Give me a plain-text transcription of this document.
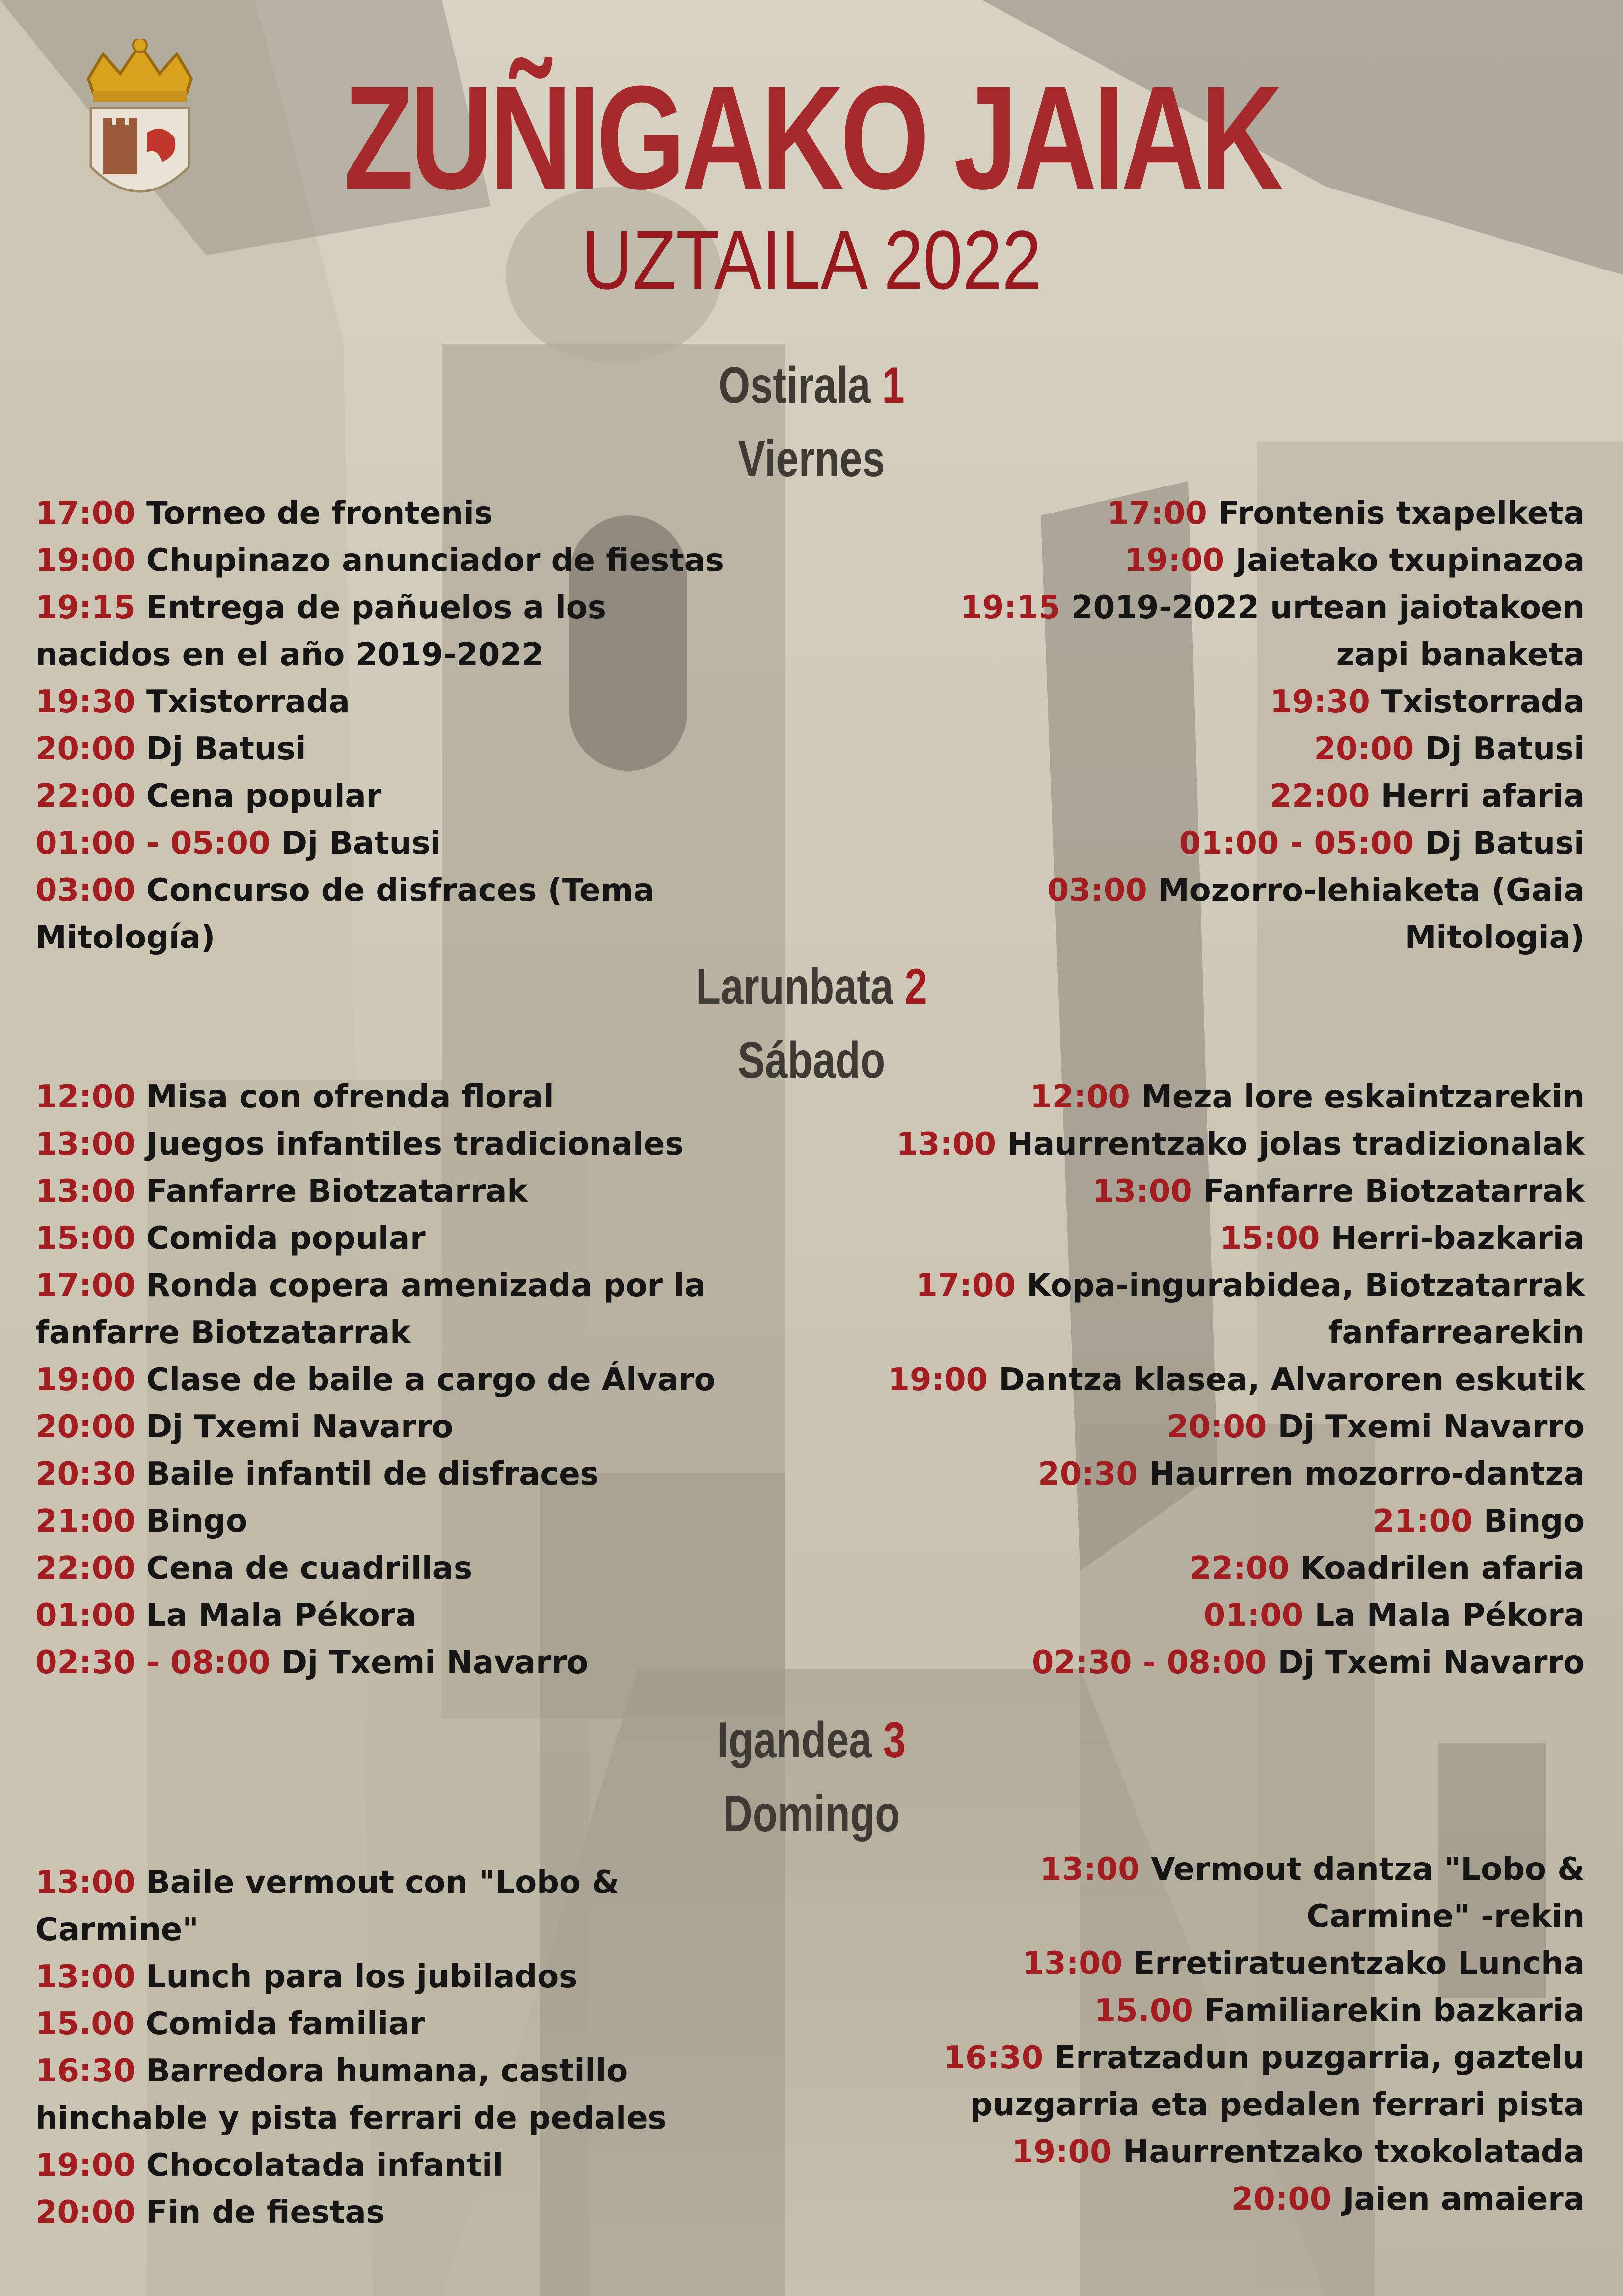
ZUÑIGAKO JAIAK
UZTAILA 2022
Ostirala 1
Viernes

17:00 Torneo de frontenis

19:00 Chupinazo anunciador de fiestas

19:15 Entrega de pañuelos a los nacidos en el año 2019-2022

19:30 Txistorrada

20:00 Dj Batusi

22:00 Cena popular

01:00 - 05:00 Dj Batusi

03:00 Concurso de disfraces (Tema Mitología)

17:00 Frontenis txapelketa

19:00 Jaietako txupinazoa

19:15 2019-2022 urtean jaiotakoen zapi banaketa

19:30 Txistorrada

20:00 Dj Batusi

22:00 Herri afaria

01:00 - 05:00 Dj Batusi

03:00 Mozorro-lehiaketa (Gaia Mitologia)

Larunbata 2
Sábado

12:00 Misa con ofrenda floral

13:00 Juegos infantiles tradicionales

13:00 Fanfarre Biotzatarrak

15:00 Comida popular

17:00 Ronda copera amenizada por la fanfarre Biotzatarrak

19:00 Clase de baile a cargo de Álvaro

20:00 Dj Txemi Navarro

20:30 Baile infantil de disfraces

21:00 Bingo

22:00 Cena de cuadrillas

01:00 La Mala Pékora

02:30 - 08:00 Dj Txemi Navarro

12:00 Meza lore eskaintzarekin

13:00 Haurrentzako jolas tradizionalak

13:00 Fanfarre Biotzatarrak

15:00 Herri-bazkaria

17:00 Kopa-ingurabidea, Biotzatarrak fanfarrearekin

19:00 Dantza klasea, Alvaroren eskutik

20:00 Dj Txemi Navarro

20:30 Haurren mozorro-dantza

21:00 Bingo

22:00 Koadrilen afaria

01:00 La Mala Pékora

02:30 - 08:00 Dj Txemi Navarro

Igandea 3
Domingo

13:00 Baile vermout con "Lobo & Carmine"

13:00 Lunch para los jubilados

15.00 Comida familiar

16:30 Barredora humana, castillo hinchable y pista ferrari de pedales

19:00 Chocolatada infantil

20:00 Fin de fiestas

13:00 Vermout dantza "Lobo & Carmine" -rekin

13:00 Erretiratuentzako Luncha

15.00 Familiarekin bazkaria

16:30 Erratzadun puzgarria, gaztelu puzgarria eta pedalen ferrari pista

19:00 Haurrentzako txokolatada

20:00 Jaien amaiera
